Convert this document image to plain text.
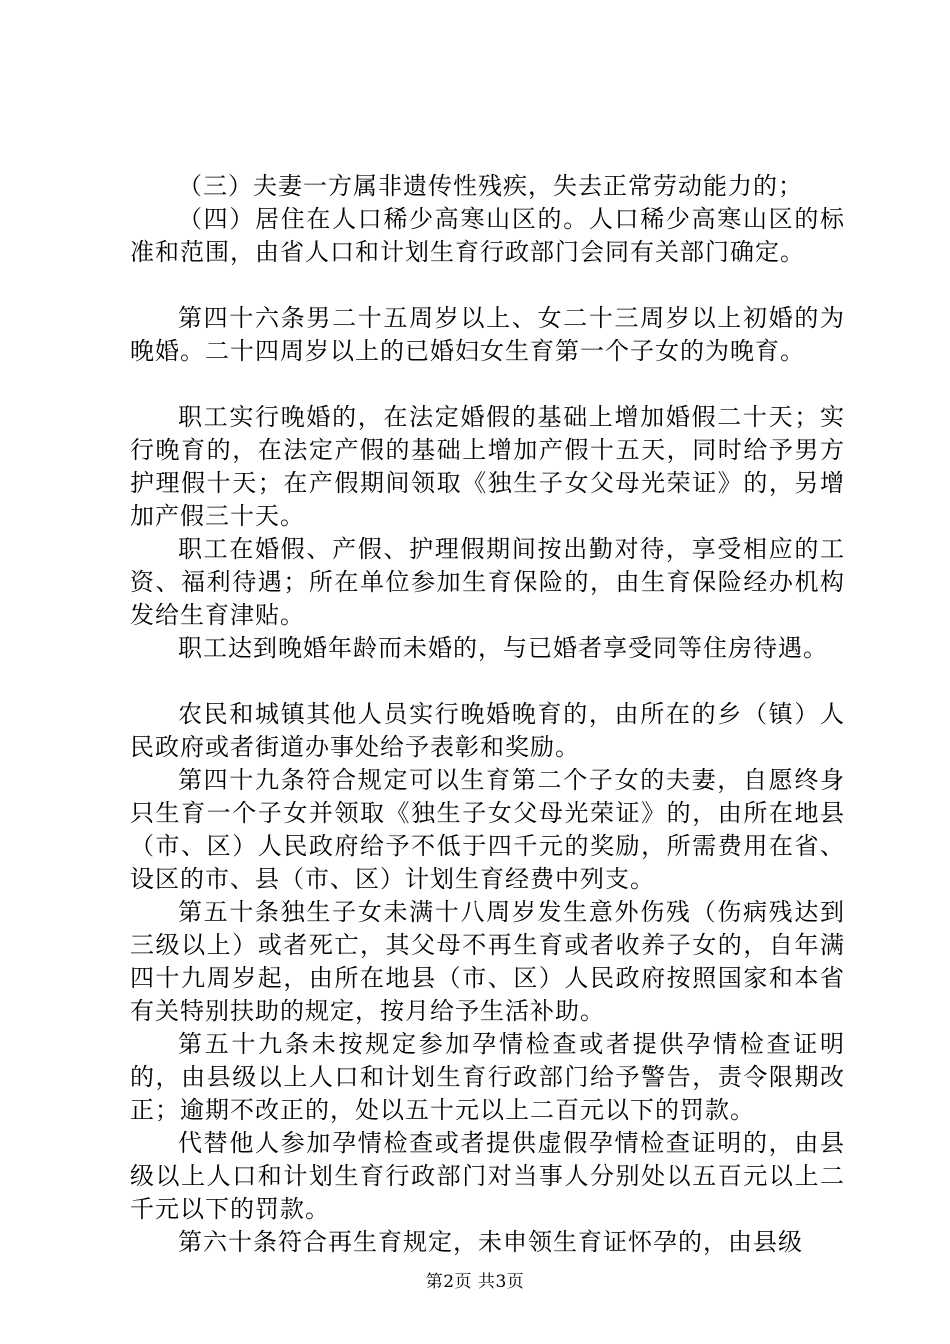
（三）夫妻一方属非遗传性残疾，失去正常劳动能力的；

（四）居住在人口稀少高寒山区的。人口稀少高寒山区的标准和范围，由省人口和计划生育行政部门会同有关部门确定。

第四十六条男二十五周岁以上、女二十三周岁以上初婚的为晚婚。二十四周岁以上的已婚妇女生育第一个子女的为晚育。

职工实行晚婚的，在法定婚假的基础上增加婚假二十天；实行晚育的，在法定产假的基础上增加产假十五天，同时给予男方护理假十天；在产假期间领取《独生子女父母光荣证》的，另增加产假三十天。

职工在婚假、产假、护理假期间按出勤对待，享受相应的工资、福利待遇；所在单位参加生育保险的，由生育保险经办机构发给生育津贴。

职工达到晚婚年龄而未婚的，与已婚者享受同等住房待遇。

农民和城镇其他人员实行晚婚晚育的，由所在的乡（镇）人民政府或者街道办事处给予表彰和奖励。

第四十九条符合规定可以生育第二个子女的夫妻，自愿终身只生育一个子女并领取《独生子女父母光荣证》的，由所在地县（市、区）人民政府给予不低于四千元的奖励，所需费用在省、设区的市、县（市、区）计划生育经费中列支。

第五十条独生子女未满十八周岁发生意外伤残（伤病残达到三级以上）或者死亡，其父母不再生育或者收养子女的，自年满四十九周岁起，由所在地县（市、区）人民政府按照国家和本省有关特别扶助的规定，按月给予生活补助。

第五十九条未按规定参加孕情检查或者提供孕情检查证明的，由县级以上人口和计划生育行政部门给予警告，责令限期改正；逾期不改正的，处以五十元以上二百元以下的罚款。

代替他人参加孕情检查或者提供虚假孕情检查证明的，由县级以上人口和计划生育行政部门对当事人分别处以五百元以上二千元以下的罚款。

第六十条符合再生育规定，未申领生育证怀孕的，由县级

第2页 共3页
